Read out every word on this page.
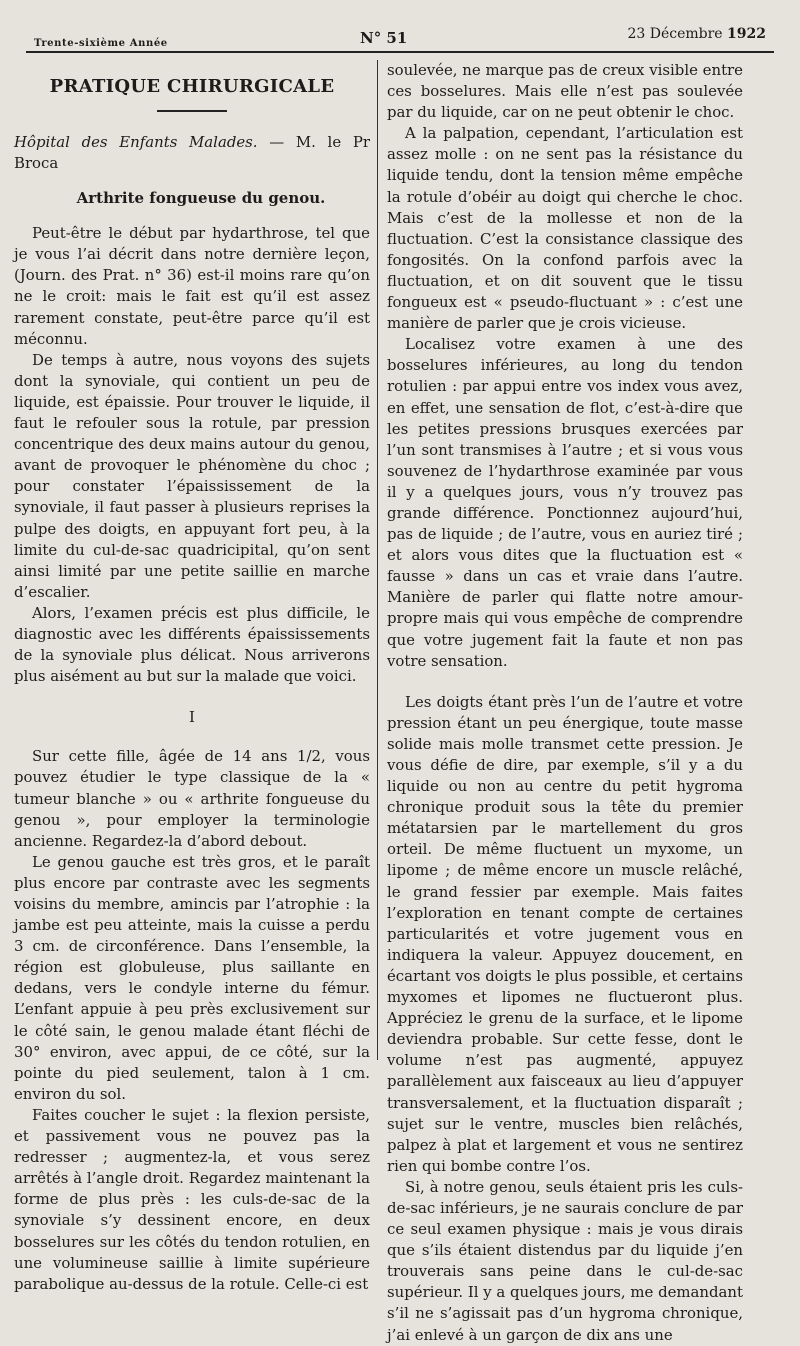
Trente-sixième Année	N° 51	23 Décembre 1922
PRATIQUE CHIRURGICALE
Hôpital des Enfants Malades. — M. le Pr Broca
Arthrite fongueuse du genou.

Peut-être le début par hydarthrose, tel que je vous l’ai décrit dans notre dernière leçon, (Journ. des Prat. n° 36) est-il moins rare qu’on ne le croit: mais le fait est qu’il est assez rarement constate, peut-être parce qu’il est méconnu.

De temps à autre, nous voyons des sujets dont la synoviale, qui contient un peu de liquide, est épaissie. Pour trouver le liquide, il faut le refouler sous la rotule, par pression concentrique des deux mains autour du genou, avant de provoquer le phénomène du choc ; pour constater l’épaississement de la synoviale, il faut passer à plusieurs reprises la pulpe des doigts, en appuyant fort peu, à la limite du cul-de-sac quadricipital, qu’on sent ainsi limité par une petite saillie en marche d’escalier.

Alors, l’examen précis est plus difficile, le diagnostic avec les différents épaississements de la synoviale plus délicat. Nous arriverons plus aisément au but sur la malade que voici.

I

Sur cette fille, âgée de 14 ans 1/2, vous pouvez étudier le type classique de la « tumeur blanche » ou « arthrite fongueuse du genou », pour employer la terminologie ancienne. Regardez-la d’abord debout.

Le genou gauche est très gros, et le paraît plus encore par contraste avec les segments voisins du membre, amincis par l’atrophie : la jambe est peu atteinte, mais la cuisse a perdu 3 cm. de circonférence. Dans l’ensemble, la région est globuleuse, plus saillante en dedans, vers le condyle interne du fémur. L’enfant appuie à peu près exclusivement sur le côté sain, le genou malade étant fléchi de 30° environ, avec appui, de ce côté, sur la pointe du pied seulement, talon à 1 cm. environ du sol.

Faites coucher le sujet : la flexion persiste, et passivement vous ne pouvez pas la redresser ; augmentez-la, et vous serez arrêtés à l’angle droit. Regardez maintenant la forme de plus près : les culs-de-sac de la synoviale s’y dessinent encore, en deux bosselures sur les côtés du tendon rotulien, en une volumineuse saillie à limite supérieure parabolique au-dessus de la rotule. Celle-ci est

soulevée, ne marque pas de creux visible entre ces bosselures. Mais elle n’est pas soulevée par du liquide, car on ne peut obtenir le choc.

A la palpation, cependant, l’articulation est assez molle : on ne sent pas la résistance du liquide tendu, dont la tension même empêche la rotule d’obéir au doigt qui cherche le choc. Mais c’est de la mollesse et non de la fluctuation. C’est la consistance classique des fongosités. On la confond parfois avec la fluctuation, et on dit souvent que le tissu fongueux est « pseudo-fluctuant » : c’est une manière de parler que je crois vicieuse.

Localisez votre examen à une des bosselures inférieures, au long du tendon rotulien : par appui entre vos index vous avez, en effet, une sensation de flot, c’est-à-dire que les petites pressions brusques exercées par l’un sont transmises à l’autre ; et si vous vous souvenez de l’hydarthrose examinée par vous il y a quelques jours, vous n’y trouvez pas grande différence. Ponctionnez aujourd’hui, pas de liquide ; de l’autre, vous en auriez tiré ; et alors vous dites que la fluctuation est « fausse » dans un cas et vraie dans l’autre. Manière de parler qui flatte notre amour-propre mais qui vous empêche de comprendre que votre jugement fait la faute et non pas votre sensation.

Les doigts étant près l’un de l’autre et votre pression étant un peu énergique, toute masse solide mais molle transmet cette pression. Je vous défie de dire, par exemple, s’il y a du liquide ou non au centre du petit hygroma chronique produit sous la tête du premier métatarsien par le martellement du gros orteil. De même fluctuent un myxome, un lipome ; de même encore un muscle relâché, le grand fessier par exemple. Mais faites l’exploration en tenant compte de certaines particularités et votre jugement vous en indiquera la valeur. Appuyez doucement, en écartant vos doigts le plus possible, et certains myxomes et lipomes ne fluctueront plus. Appréciez le grenu de la surface, et le lipome deviendra probable. Sur cette fesse, dont le volume n’est pas augmenté, appuyez parallèlement aux faisceaux au lieu d’appuyer transversalement, et la fluctuation disparaît ; sujet sur le ventre, muscles bien relâchés, palpez à plat et largement et vous ne sentirez rien qui bombe contre l’os.

Si, à notre genou, seuls étaient pris les culs-de-sac inférieurs, je ne saurais conclure de par ce seul examen physique : mais je vous dirais que s’ils étaient distendus par du liquide j’en trouverais sans peine dans le cul-de-sac supérieur. Il y a quelques jours, me demandant s’il ne s’agissait pas d’un hygroma chronique, j’ai enlevé à un garçon de dix ans une
